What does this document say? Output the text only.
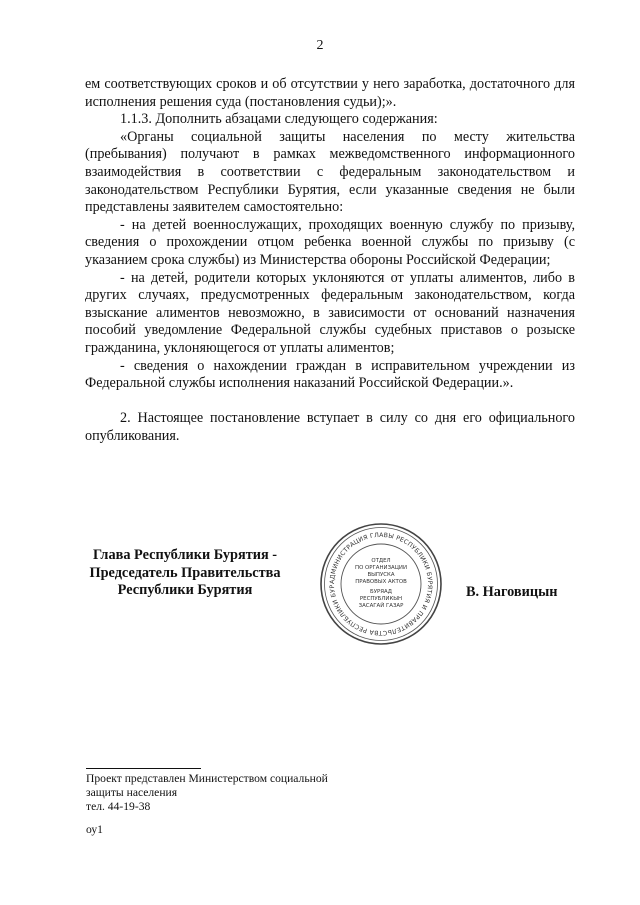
2

ем соответствующих сроков и об отсутствии у него заработка, достаточного для исполнения решения суда (постановления судьи);».

1.1.3. Дополнить абзацами следующего содержания:

«Органы социальной защиты населения по месту жительства (пребывания) получают в рамках межведомственного информационного взаимодействия в соответствии с федеральным законодательством и законодательством Республики Бурятия, если указанные сведения не были представлены заявителем самостоятельно:

- на детей военнослужащих, проходящих военную службу по призыву, сведения о прохождении отцом ребенка военной службы по призыву (с указанием срока службы) из Министерства обороны Российской Федерации;

- на детей, родители которых уклоняются от уплаты алиментов, либо в других случаях, предусмотренных федеральным законодательством, когда взыскание алиментов невозможно, в зависимости от оснований назначения пособий уведомление Федеральной службы судебных приставов о розыске гражданина, уклоняющегося от уплаты алиментов;

- сведения о нахождении граждан в исправительном учреждении из Федеральной службы исполнения наказаний Российской Федерации.».

2. Настоящее постановление вступает в силу со дня его официального опубликования.

Глава Республики Бурятия -
Председатель Правительства
Республики Бурятия
АДМИНИСТРАЦИЯ ГЛАВЫ РЕСПУБЛИКИ БУРЯТИЯ И ПРАВИТЕЛЬСТВА РЕСПУБЛИКИ БУР
ОТДЕЛ
ПО ОРГАНИЗАЦИИ
ВЫПУСКА
ПРАВОВЫХ АКТОВ
БУРЯАД
РЕСПУБЛИКЫН
ЗАСАГАЙ ГАЗАР
В. Наговицын
Проект представлен Министерством социальной
защиты населения
тел. 44-19-38
оу1
